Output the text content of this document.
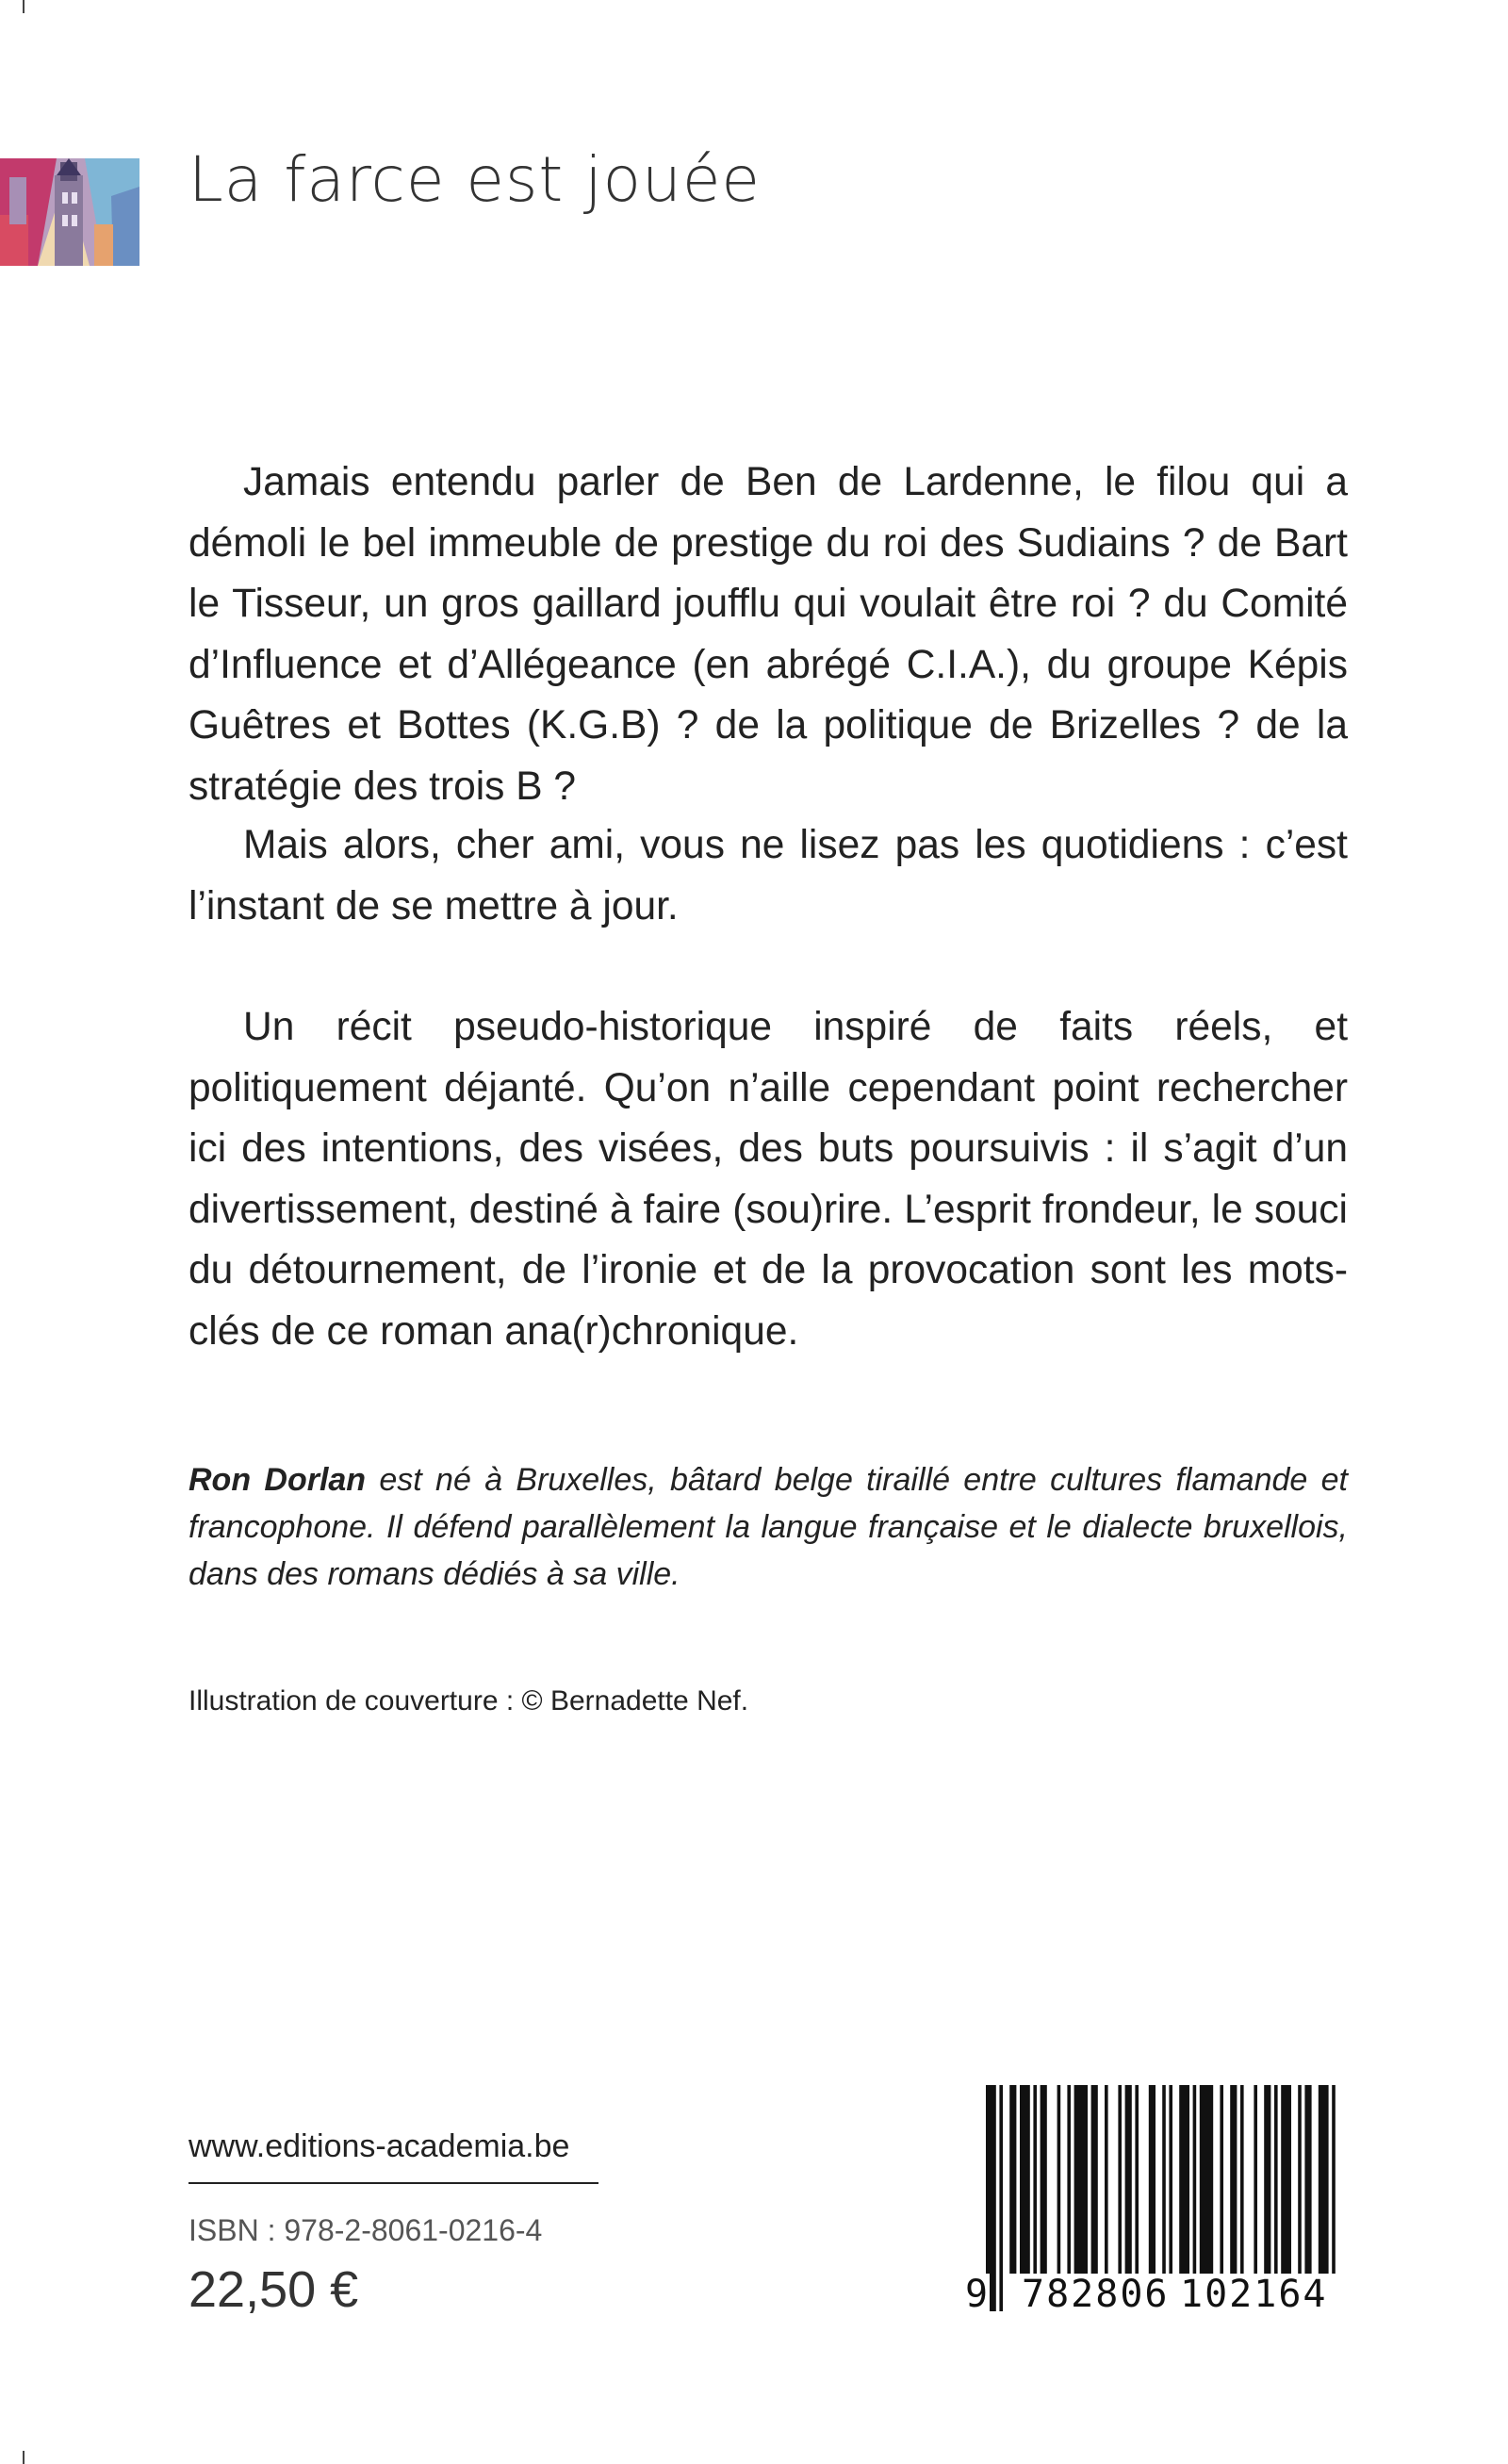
La farce est jouée

Jamais entendu parler de Ben de Lardenne, le filou qui a démoli le bel immeuble de prestige du roi des Sudiains ? de Bart le Tisseur, un gros gaillard joufflu qui voulait être roi ? du Comité d’Influence et d’Allégeance (en abrégé C.I.A.), du groupe Képis Guêtres et Bottes (K.G.B) ? de la politique de Brizelles ? de la stratégie des trois B ?

Mais alors, cher ami, vous ne lisez pas les quotidiens : c’est l’instant de se mettre à jour.

Un récit pseudo-historique inspiré de faits réels, et politiquement déjanté. Qu’on n’aille cependant point rechercher ici des intentions, des visées, des buts poursuivis : il s’agit d’un divertissement, destiné à faire (sou)rire. L’esprit frondeur, le souci du détournement, de l’ironie et de la provocation sont les mots-clés de ce roman ana(r)chronique.

Ron Dorlan est né à Bruxelles, bâtard belge tiraillé entre cultures flamande et francophone. Il défend parallèlement la langue française et le dialecte bruxellois, dans des romans dédiés à sa ville.
Illustration de couverture : © Bernadette Nef.
www.editions-academia.be
ISBN : 978-2-8061-0216-4
22,50 €	9 782806 102164
